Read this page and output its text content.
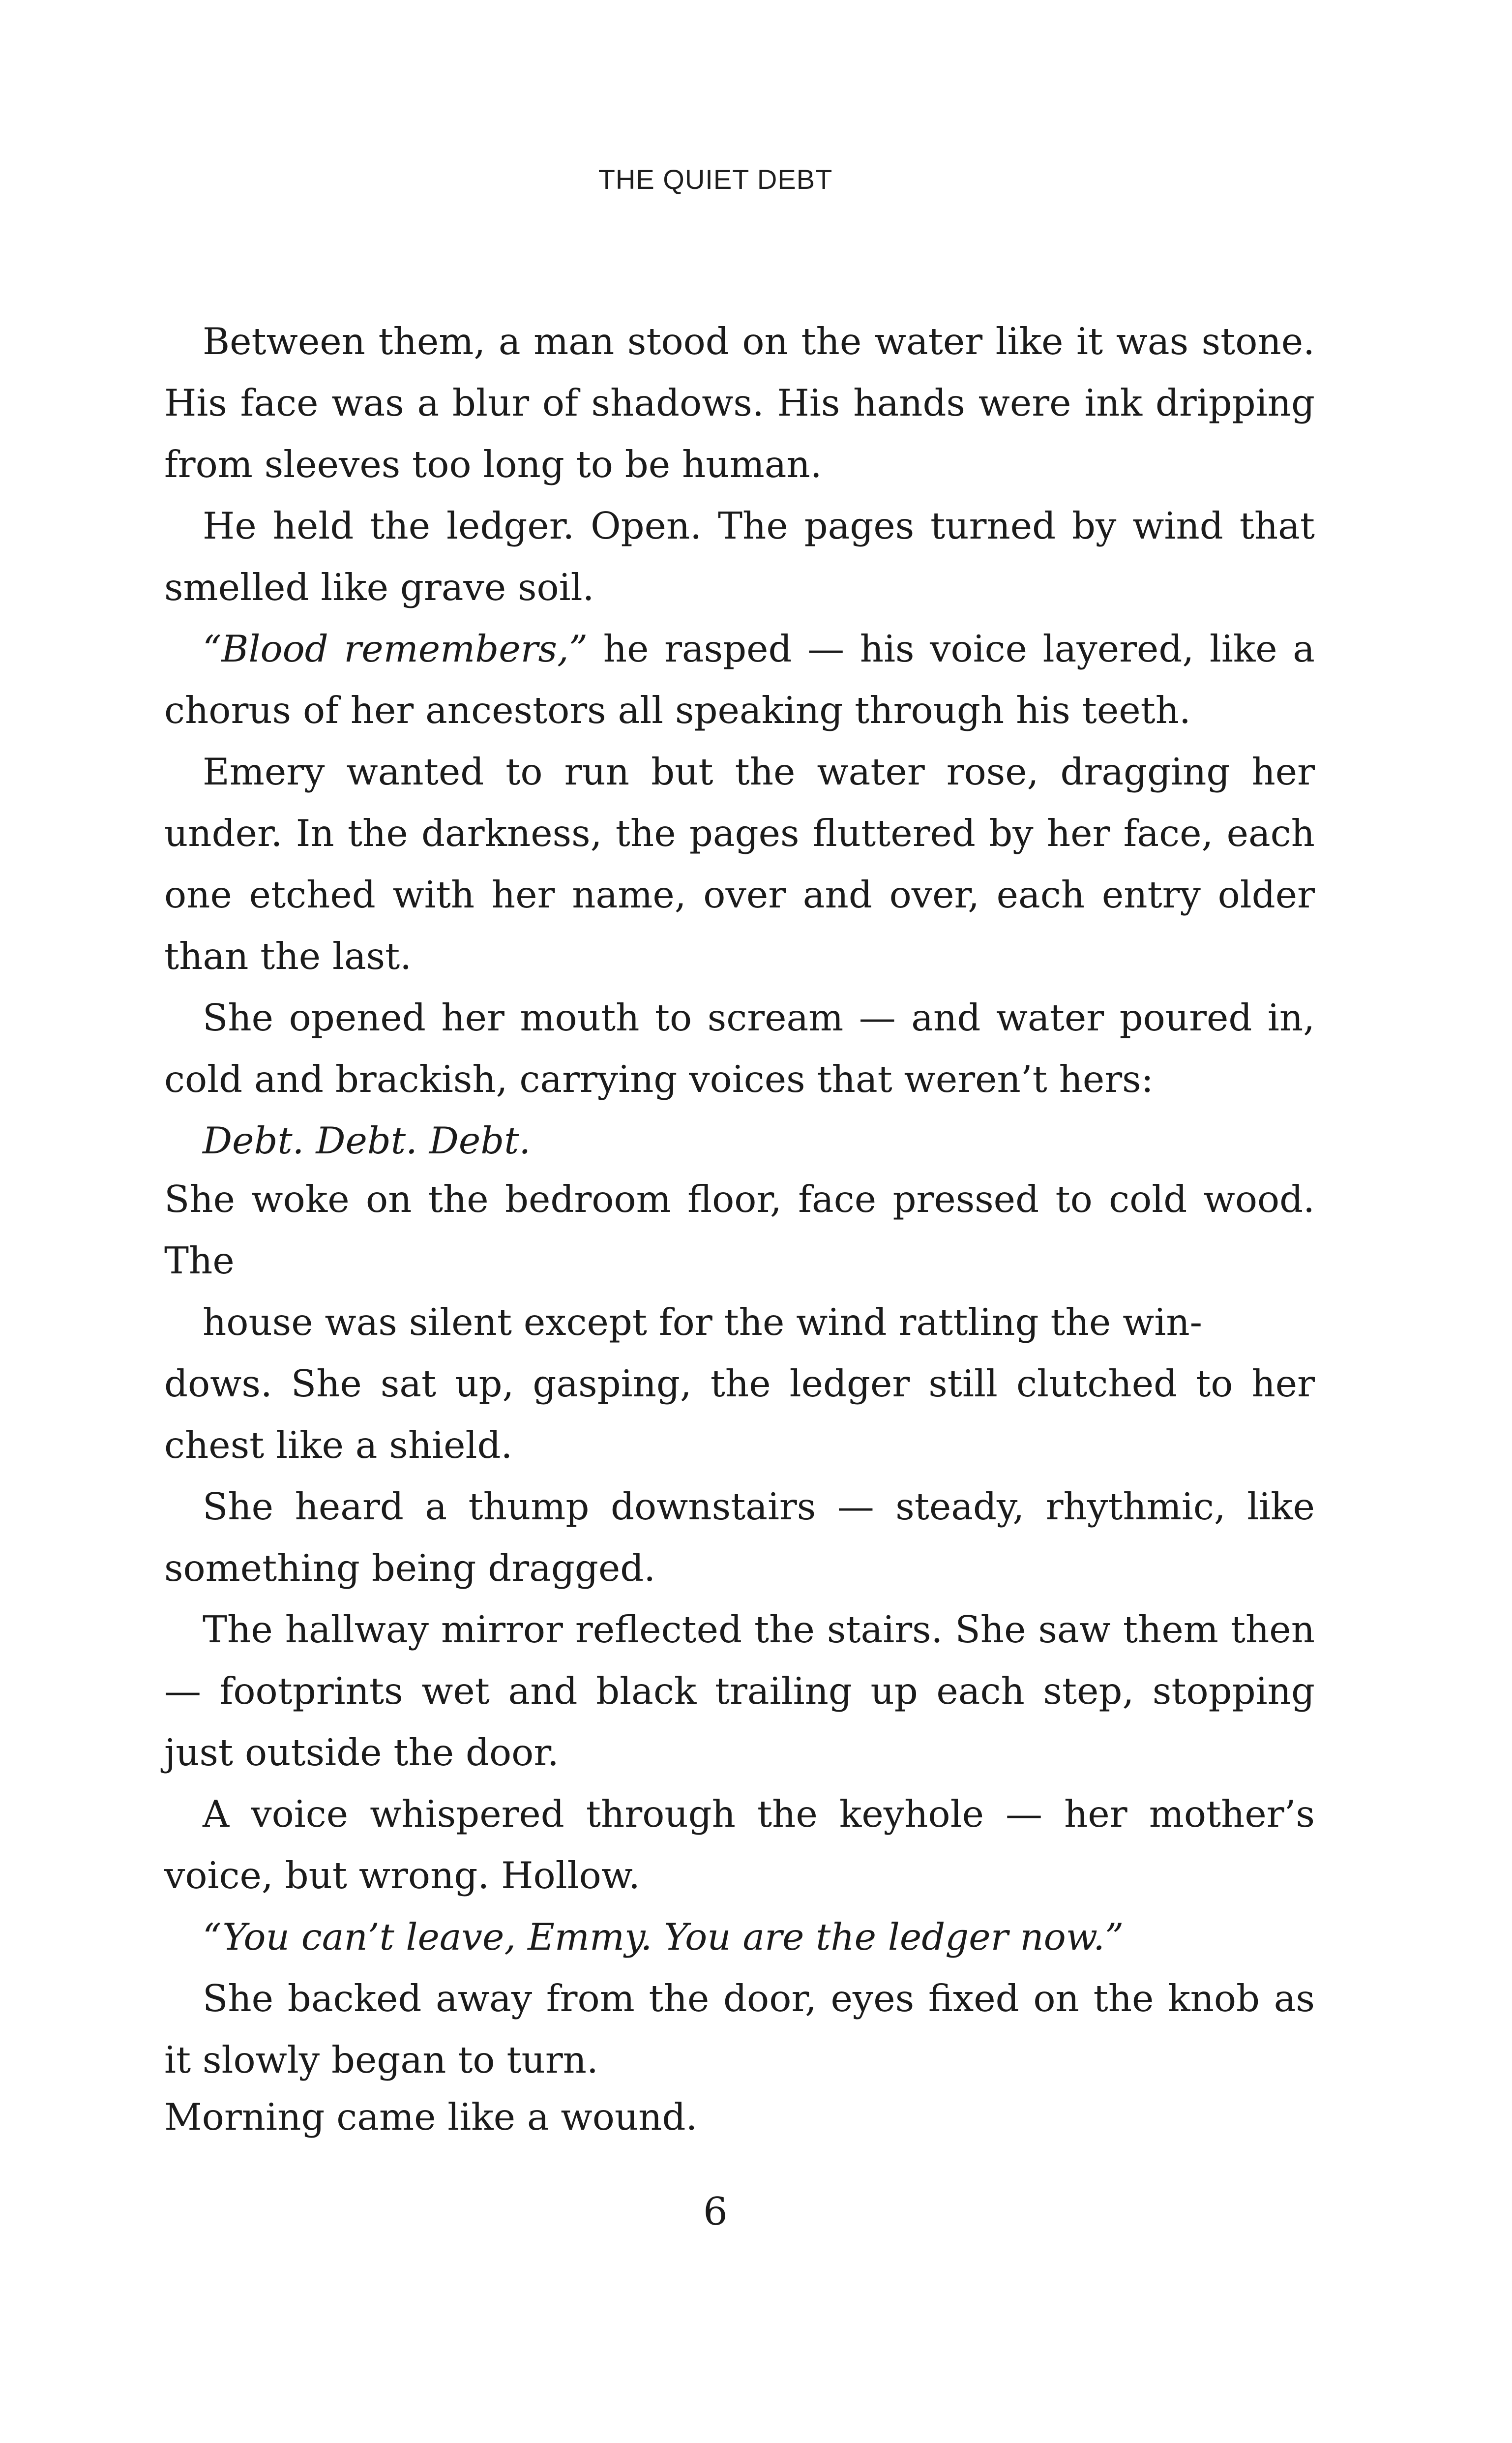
THE QUIET DEBT

Between them, a man stood on the water like it was stone. His face was a blur of shadows. His hands were ink dripping from sleeves too long to be human.

He held the ledger. Open. The pages turned by wind that smelled like grave soil.

“Blood remembers,” he rasped — his voice layered, like a chorus of her ancestors all speaking through his teeth.

Emery wanted to run but the water rose, dragging her under. In the darkness, the pages fluttered by her face, each one etched with her name, over and over, each entry older than the last.

She opened her mouth to scream — and water poured in, cold and brackish, carrying voices that weren’t hers:

Debt. Debt. Debt.

She woke on the bedroom floor, face pressed to cold wood. The

house was silent except for the wind rattling the win-

dows. She sat up, gasping, the ledger still clutched to her chest like a shield.

She heard a thump downstairs — steady, rhythmic, like something being dragged.

The hallway mirror reflected the stairs. She saw them then — footprints wet and black trailing up each step, stopping just outside the door.

A voice whispered through the keyhole — her mother’s voice, but wrong. Hollow.

“You can’t leave, Emmy. You are the ledger now.”

She backed away from the door, eyes fixed on the knob as it slowly began to turn.

Morning came like a wound.

6
